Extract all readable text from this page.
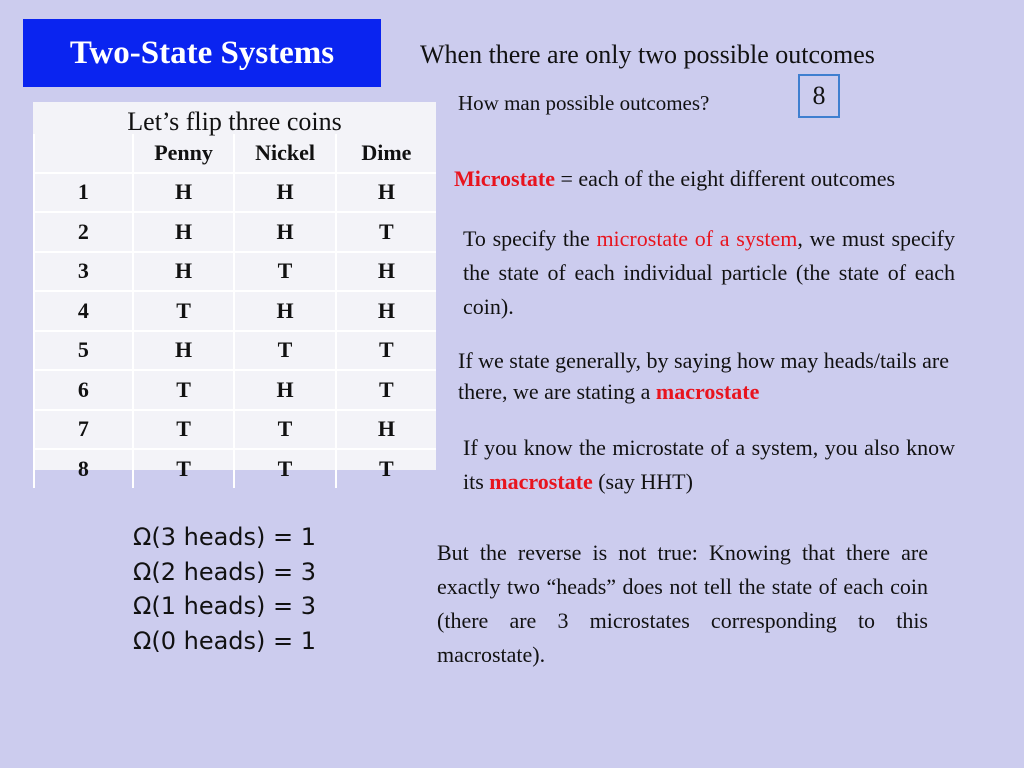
Two-State Systems	When there are only two possible outcomes
How man possible outcomes?	8
Let’s flip three coins
	Penny	Nickel	Dime
1	H	H	H
2	H	H	T
3	H	T	H
4	T	H	H
5	H	T	T
6	T	H	T
7	T	T	H
8	T	T	T
Microstate = each of the eight different outcomes
To specify the microstate of a system, we must specify the state of each individual particle (the state of each coin).
If we state generally, by saying how may heads/tails are there, we are stating a macrostate
If you know the microstate of a system, you also know its macrostate (say HHT)
But the reverse is not true: Knowing that there are exactly two “heads” does not tell the state of each coin (there are 3 microstates corresponding to this macrostate).
Ω(3 heads) = 1
Ω(2 heads) = 3
Ω(1 heads) = 3
Ω(0 heads) = 1
